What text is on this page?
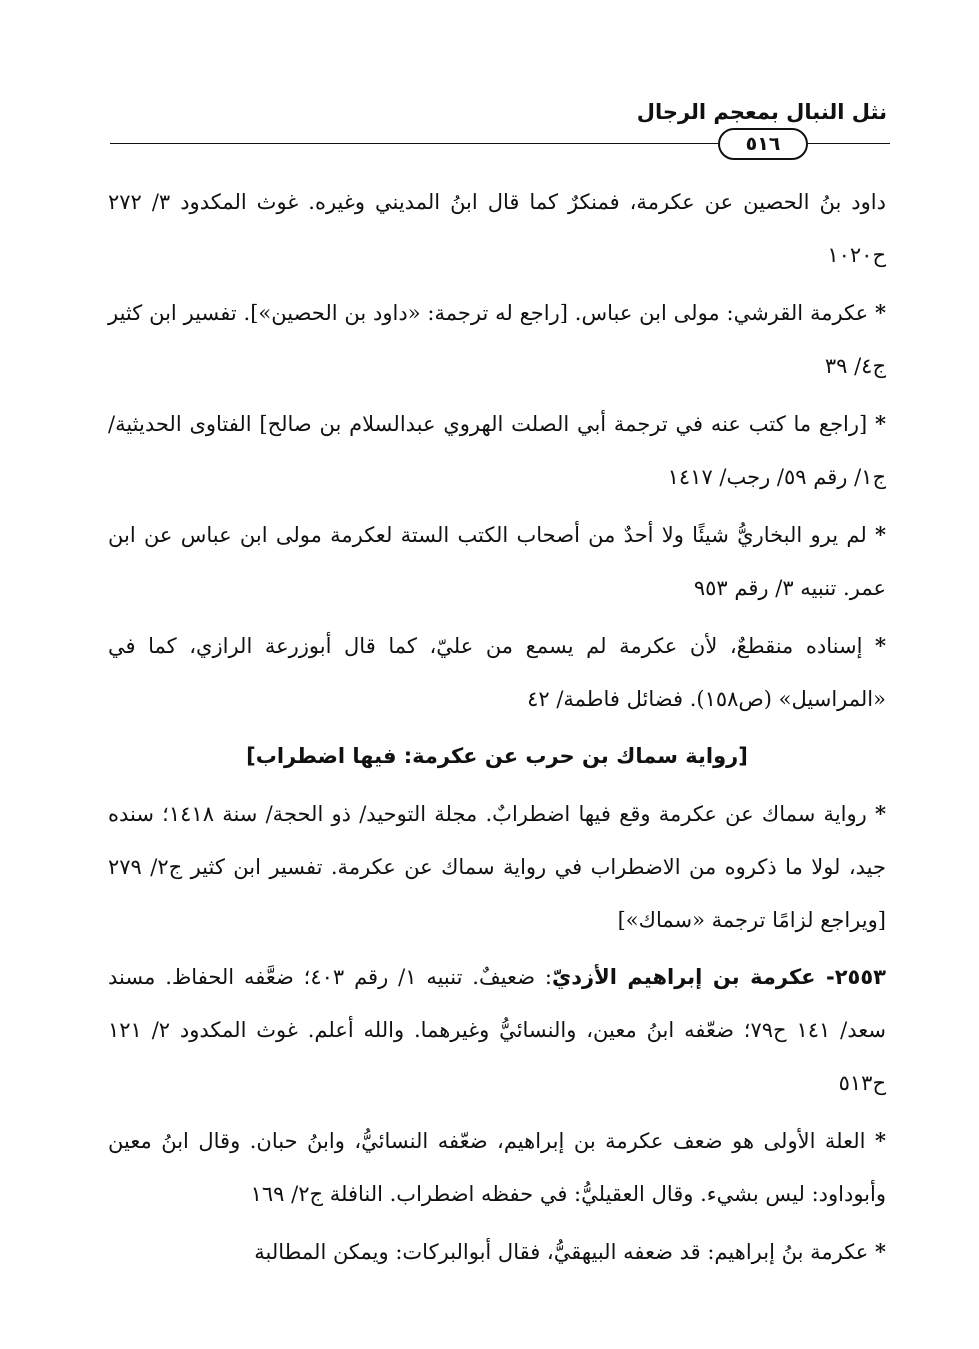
نثل النبال بمعجم الرجال
٥١٦

داود بنُ الحصين عن عكرمة، فمنكرٌ كما قال ابنُ المديني وغيره. غوث المكدود ٣/ ٢٧٢ ح١٠٢٠

* عكرمة القرشي: مولى ابن عباس. [راجع له ترجمة: «داود بن الحصين»]. تفسير ابن كثير ج٤/ ٣٩

* [راجع ما كتب عنه في ترجمة أبي الصلت الهروي عبدالسلام بن صالح] الفتاوى الحديثية/ ج١/ رقم ٥٩/ رجب/ ١٤١٧

* لم يرو البخاريُّ شيئًا ولا أحدٌ من أصحاب الكتب الستة لعكرمة مولى ابن عباس عن ابن عمر. تنبيه ٣/ رقم ٩٥٣

* إسناده منقطعٌ، لأن عكرمة لم يسمع من عليّ، كما قال أبوزرعة الرازي، كما في «المراسيل» (ص١٥٨). فضائل فاطمة/ ٤٢

[رواية سماك بن حرب عن عكرمة: فيها اضطراب]

* رواية سماك عن عكرمة وقع فيها اضطرابٌ. مجلة التوحيد/ ذو الحجة/ سنة ١٤١٨؛ سنده جيد، لولا ما ذكروه من الاضطراب في رواية سماك عن عكرمة. تفسير ابن كثير ج٢/ ٢٧٩ [ويراجع لزامًا ترجمة «سماك»]

٢٥٥٣- عكرمة بن إبراهيم الأزديّ: ضعيفٌ. تنبيه ١/ رقم ٤٠٣؛ ضعَّفه الحفاظ. مسند سعد/ ١٤١ ح٧٩؛ ضعّفه ابنُ معين، والنسائيُّ وغيرهما. والله أعلم. غوث المكدود ٢/ ١٢١ ح٥١٣

* العلة الأولى هو ضعف عكرمة بن إبراهيم، ضعّفه النسائيُّ، وابنُ حبان. وقال ابنُ معين وأبوداود: ليس بشيء. وقال العقيليُّ: في حفظه اضطراب. النافلة ج٢/ ١٦٩

* عكرمة بنُ إبراهيم: قد ضعفه البيهقيُّ، فقال أبوالبركات: ويمكن المطالبة
